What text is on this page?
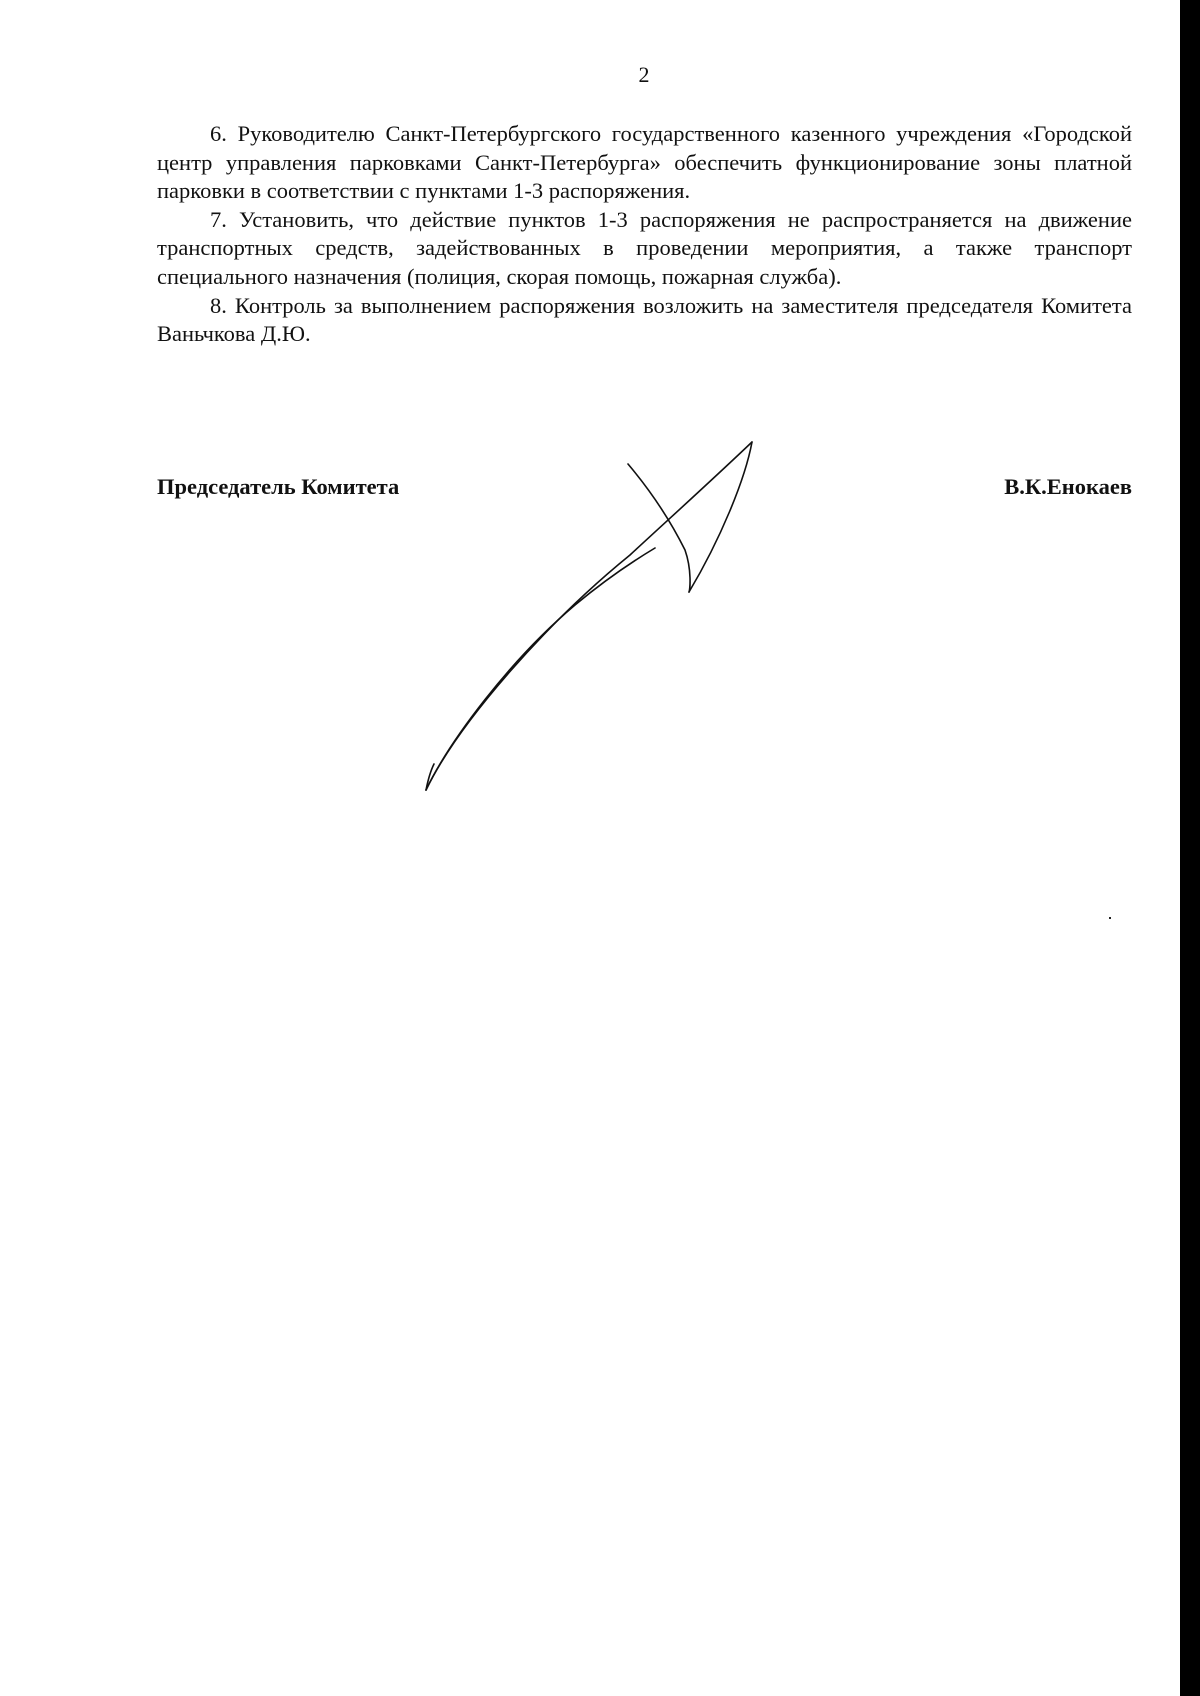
2

6. Руководителю Санкт-Петербургского государственного казенного учреждения «Городской центр управления парковками Санкт-Петербурга» обеспечить функционирование зоны платной парковки в соответствии с пунктами 1-3 распоряжения.

7. Установить, что действие пунктов 1-3 распоряжения не распространяется на движение транспортных средств, задействованных в проведении мероприятия, а также транспорт специального назначения (полиция, скорая помощь, пожарная служба).

8. Контроль за выполнением распоряжения возложить на заместителя председателя Комитета Ваньчкова Д.Ю.

Председатель Комитета	В.К.Енокаев
